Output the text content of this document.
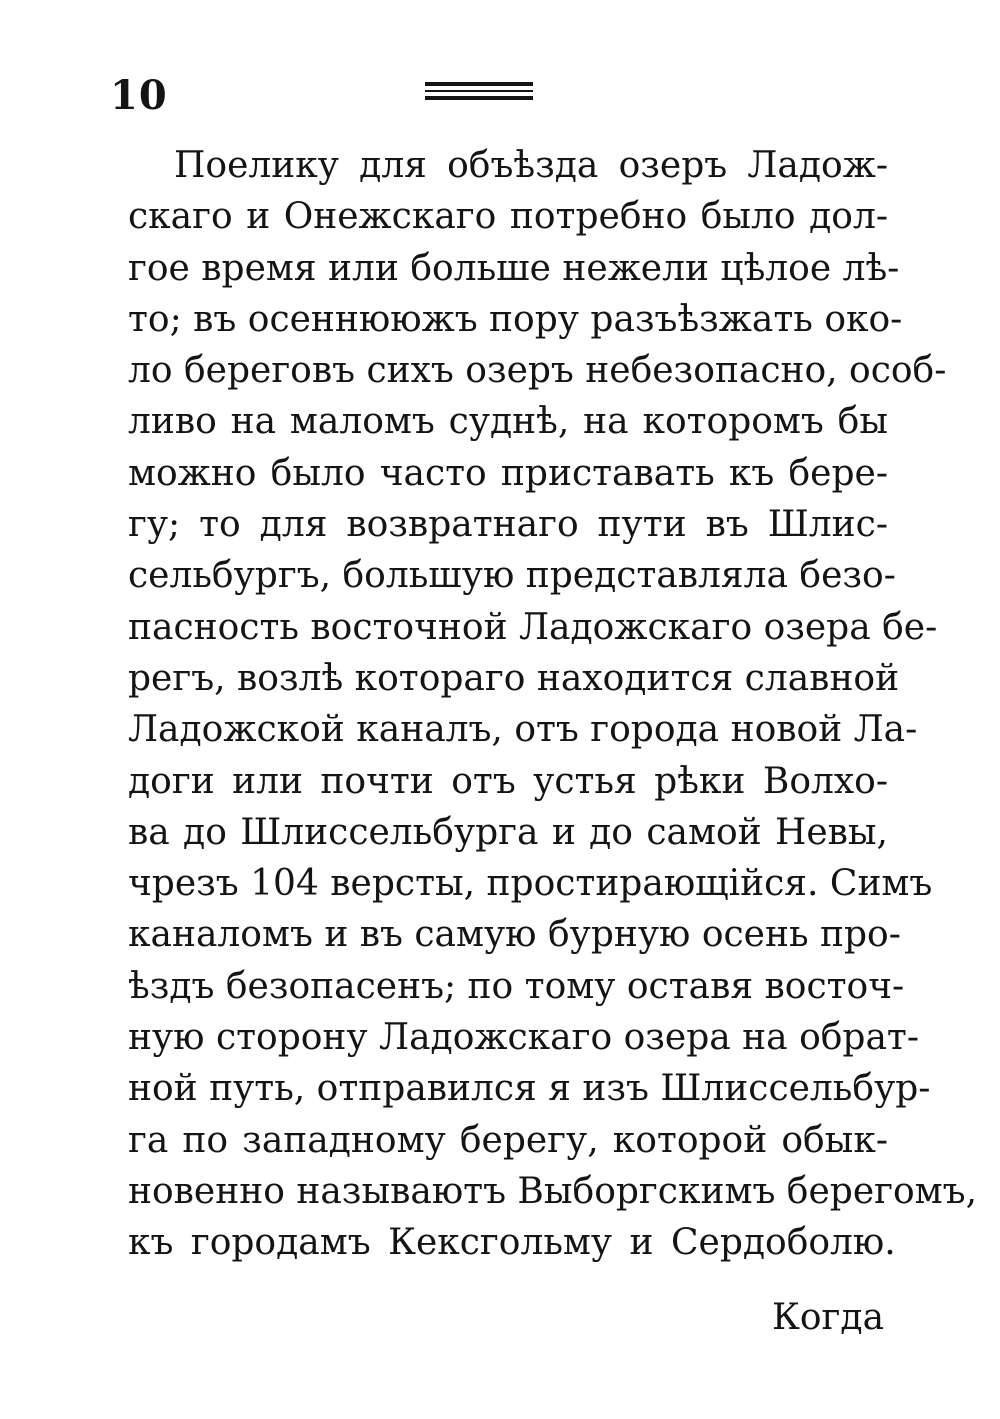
10
Поелику для объѣзда озеръ Ладож-
скаго и Онежскаго потребно было дол-
гое время или больше нежели цѣлое лѣ-
то; въ осеннююжъ пору разъѣзжать око-
ло береговъ сихъ озеръ небезопасно, особ-
ливо на маломъ суднѣ, на которомъ бы
можно было часто приставать къ бере-
гу; то для возвратнаго пути въ Шлис-
сельбургъ, большую представляла безо-
пасность восточной Ладожскаго озера бе-
регъ, возлѣ котораго находится славной
Ладожской каналъ, отъ города новой Ла-
доги или почти отъ устья рѣки Волхо-
ва до Шлиссельбурга и до самой Невы,
чрезъ 104 версты, простирающійся. Симъ
каналомъ и въ самую бурную осень про-
ѣздъ безопасенъ; по тому оставя восточ-
ную сторону Ладожскаго озера на обрат-
ной путь, отправился я изъ Шлиссельбур-
га по западному берегу, которой обык-
новенно называютъ Выборгскимъ берегомъ,
къ городамъ Кексгольму и Сердоболю.
Когда
